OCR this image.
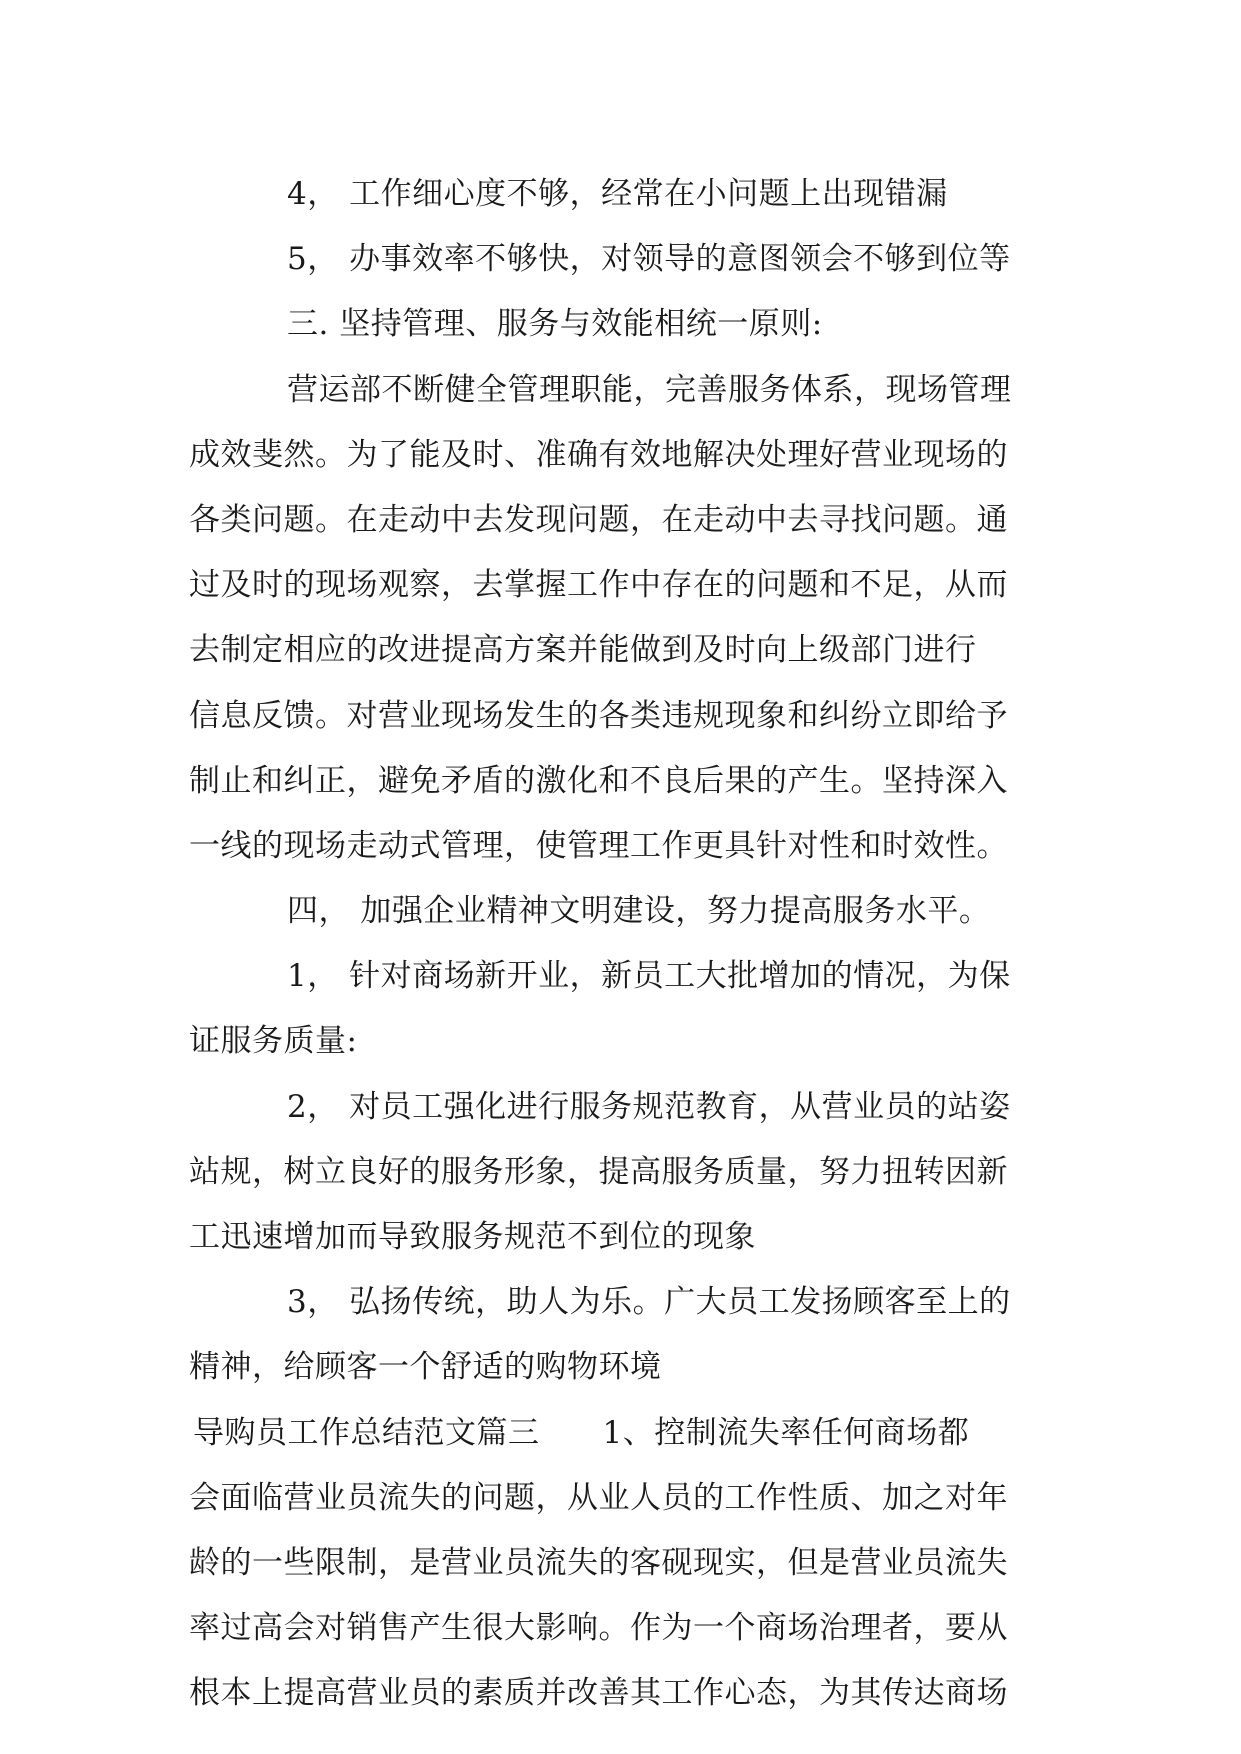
4， 工作细心度不够，经常在小问题上出现错漏
5， 办事效率不够快，对领导的意图领会不够到位等
三. 坚持管理、服务与效能相统一原则:
营运部不断健全管理职能，完善服务体系，现场管理
成效斐然。为了能及时、准确有效地解决处理好营业现场的
各类问题。在走动中去发现问题，在走动中去寻找问题。通
过及时的现场观察，去掌握工作中存在的问题和不足，从而
去制定相应的改进提高方案并能做到及时向上级部门进行
信息反馈。对营业现场发生的各类违规现象和纠纷立即给予
制止和纠正，避免矛盾的激化和不良后果的产生。坚持深入
一线的现场走动式管理，使管理工作更具针对性和时效性。
四， 加强企业精神文明建设，努力提高服务水平。
1， 针对商场新开业，新员工大批增加的情况，为保
证服务质量:
2， 对员工强化进行服务规范教育，从营业员的站姿
站规，树立良好的服务形象，提高服务质量，努力扭转因新
工迅速增加而导致服务规范不到位的现象
3， 弘扬传统，助人为乐。广大员工发扬顾客至上的
精神，给顾客一个舒适的购物环境
导购员工作总结范文篇三　　1、控制流失率任何商场都
会面临营业员流失的问题，从业人员的工作性质、加之对年
龄的一些限制，是营业员流失的客砚现实，但是营业员流失
率过高会对销售产生很大影响。作为一个商场治理者，要从
根本上提高营业员的素质并改善其工作心态，为其传达商场
